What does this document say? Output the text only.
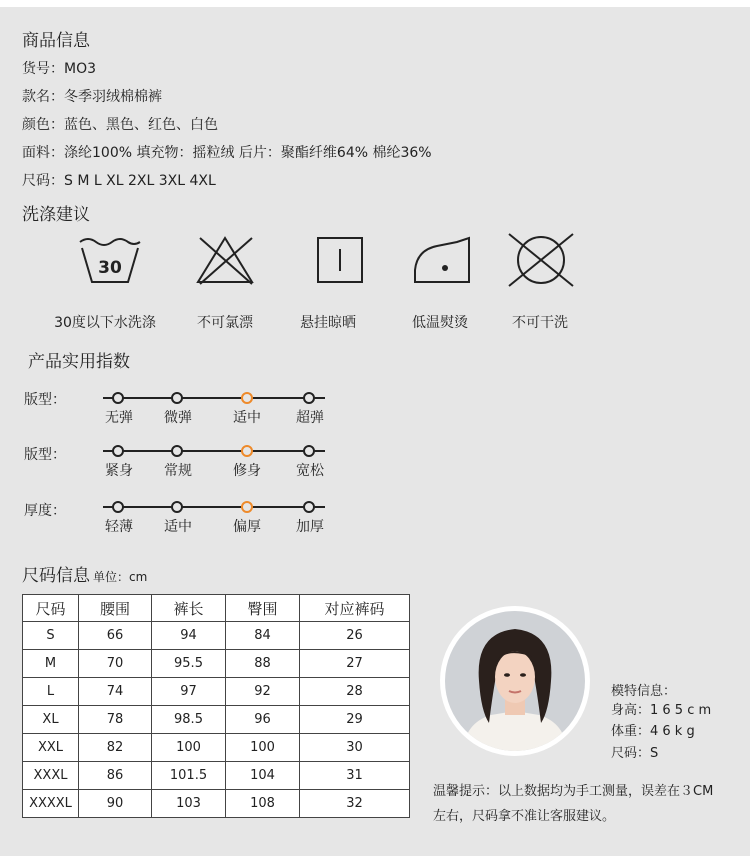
商品信息
货号：MO3
款名：冬季羽绒棉棉裤
颜色：蓝色、黑色、红色、白色
面料：涤纶100% 填充物：摇粒绒 后片：聚酯纤维64% 棉纶36%
尺码：S M L XL 2XL 3XL 4XL
洗涤建议
30
30度以下水洗涤	不可氯漂	悬挂晾晒	低温熨烫	不可干洗
产品实用指数
版型：
无弹	微弹	适中	超弹
版型：
紧身	常规	修身	宽松
厚度：
轻薄	适中	偏厚	加厚
尺码信息 单位：cm
尺码	腰围	裤长	臀围	对应裤码
S	66	94	84	26
M	70	95.5	88	27
L	74	97	92	28
XL	78	98.5	96	29
XXL	82	100	100	30
XXXL	86	101.5	104	31
XXXXL	90	103	108	32
模特信息：
身高：1 6 5 c m
体重：4 6 k g
尺码：S
温馨提示：以上数据均为手工测量，误差在３CM
左右，尺码拿不准让客服建议。
